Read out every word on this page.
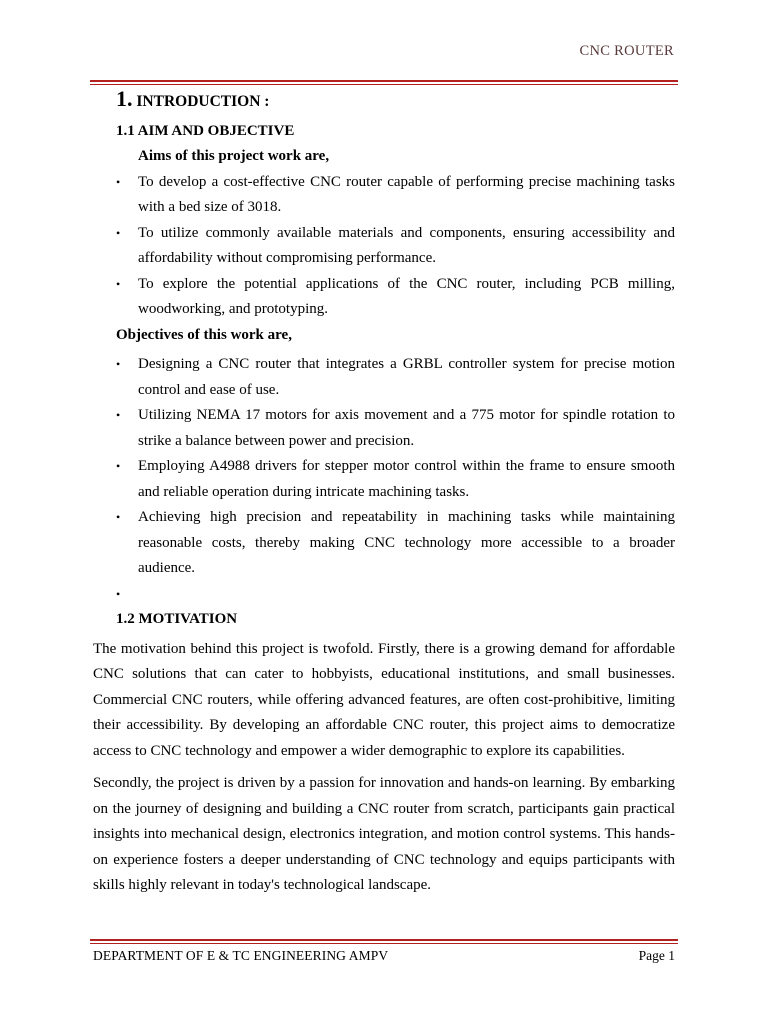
CNC ROUTER
1. INTRODUCTION :
1.1 AIM AND OBJECTIVE
Aims of this project work are,
• To develop a cost-effective CNC router capable of performing precise machining tasks with a bed size of 3018.
• To utilize commonly available materials and components, ensuring accessibility and affordability without compromising performance.
• To explore the potential applications of the CNC router, including PCB milling, woodworking, and prototyping.
Objectives of this work are,
• Designing a CNC router that integrates a GRBL controller system for precise motion control and ease of use.
• Utilizing NEMA 17 motors for axis movement and a 775 motor for spindle rotation to strike a balance between power and precision.
• Employing A4988 drivers for stepper motor control within the frame to ensure smooth and reliable operation during intricate machining tasks.
• Achieving high precision and repeatability in machining tasks while maintaining reasonable costs, thereby making CNC technology more accessible to a broader audience.
•
1.2 MOTIVATION

The motivation behind this project is twofold. Firstly, there is a growing demand for affordable CNC solutions that can cater to hobbyists, educational institutions, and small businesses. Commercial CNC routers, while offering advanced features, are often cost-prohibitive, limiting their accessibility. By developing an affordable CNC router, this project aims to democratize access to CNC technology and empower a wider demographic to explore its capabilities.

Secondly, the project is driven by a passion for innovation and hands-on learning. By embarking on the journey of designing and building a CNC router from scratch, participants gain practical insights into mechanical design, electronics integration, and motion control systems. This hands-on experience fosters a deeper understanding of CNC technology and equips participants with skills highly relevant in today's technological landscape.

DEPARTMENT OF E & TC ENGINEERING AMPV	Page 1
